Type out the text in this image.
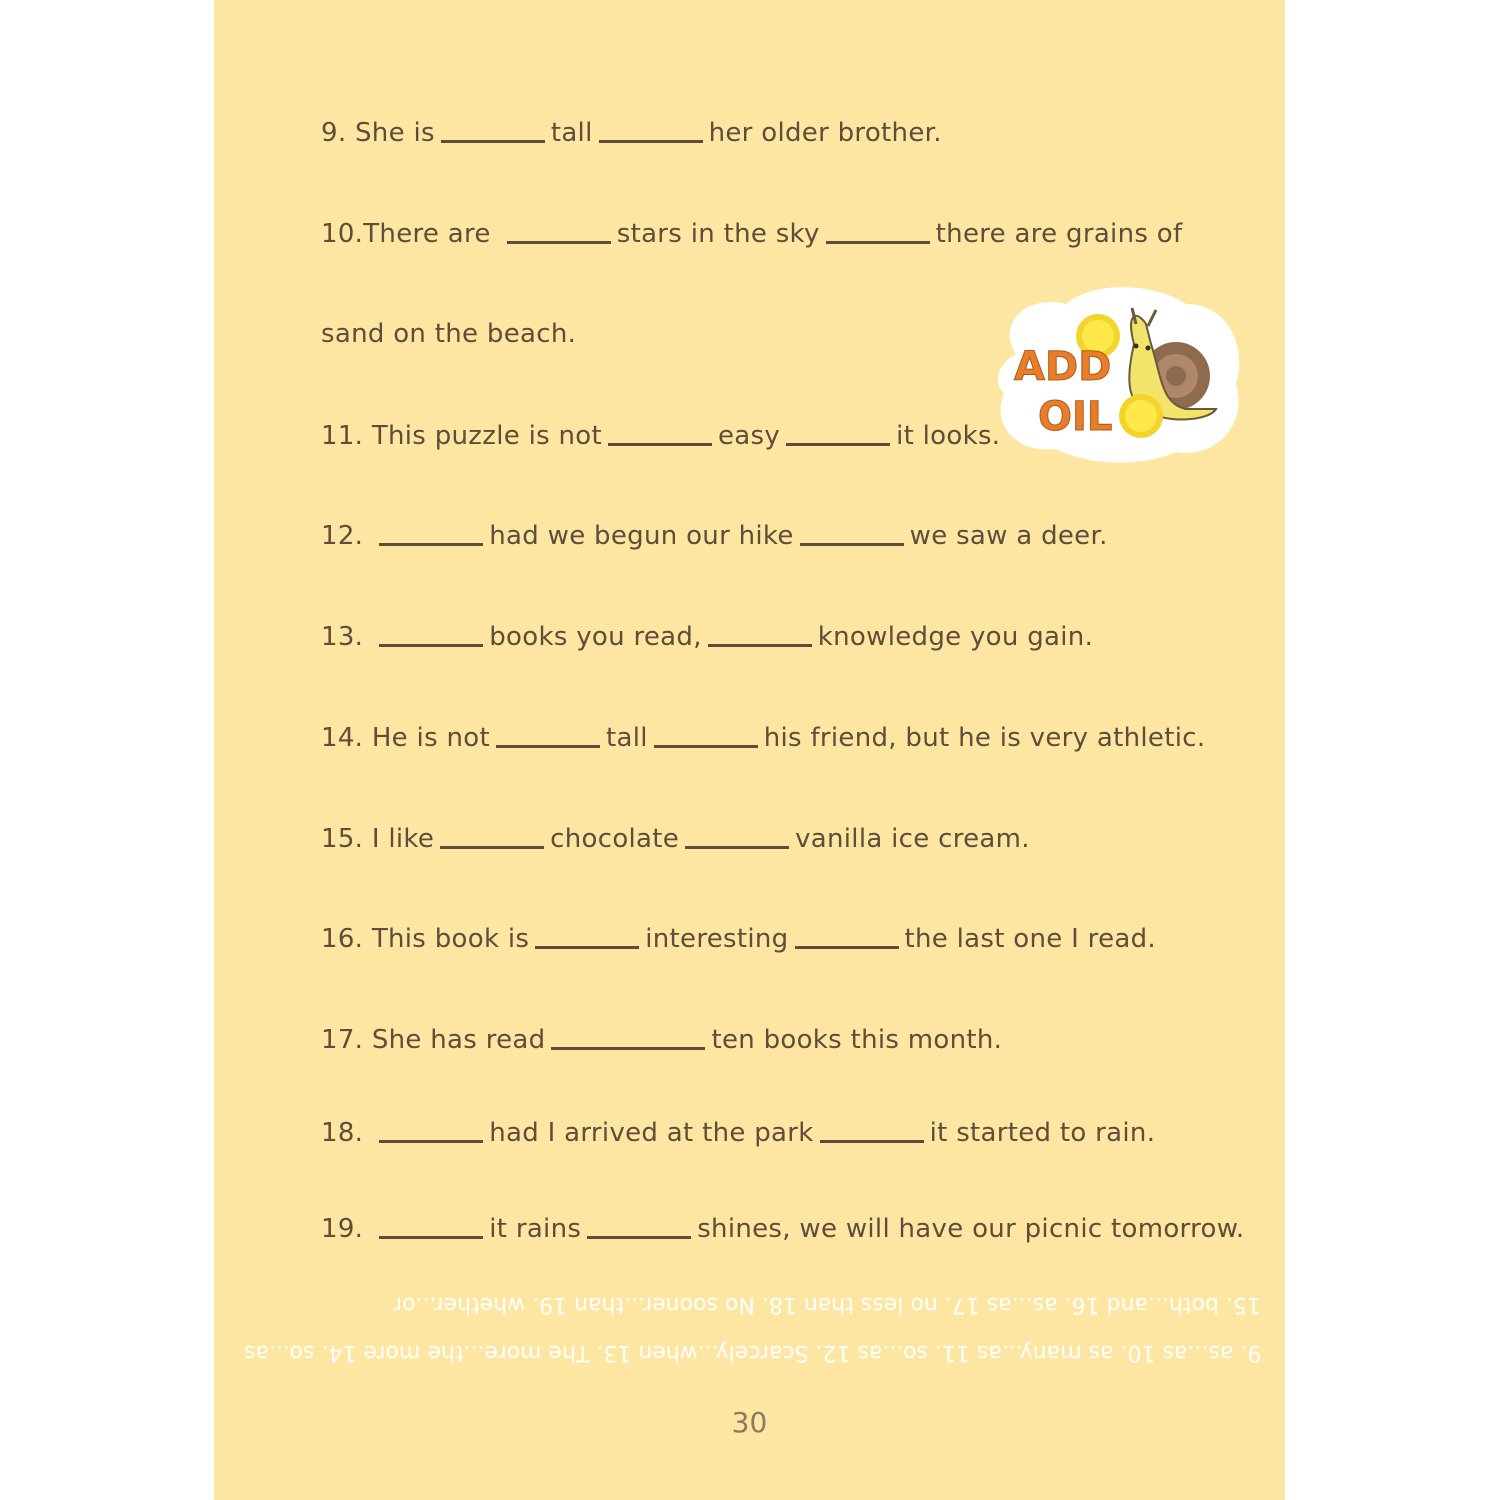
9. She is	tall	her older brother.
10.There are	stars in the sky	there are grains of
sand on the beach.
11. This puzzle is not	easy	it looks.
12.	had we begun our hike	we saw a deer.
13.	books you read,	knowledge you gain.
14. He is not	tall	his friend, but he is very athletic.
15. I like	chocolate	vanilla ice cream.
16. This book is	interesting	the last one I read.
17. She has read	ten books this month.
18.	had I arrived at the park	it started to rain.
19.	it rains	shines, we will have our picnic tomorrow.
15. both...and 16. as...as 17. no less than 18. No sooner...than 19. whether...or
9. as...as 10. as many...as 11. so...as 12. Scarcely...when 13. The more...the more 14. so...as
ADD
OIL
30
